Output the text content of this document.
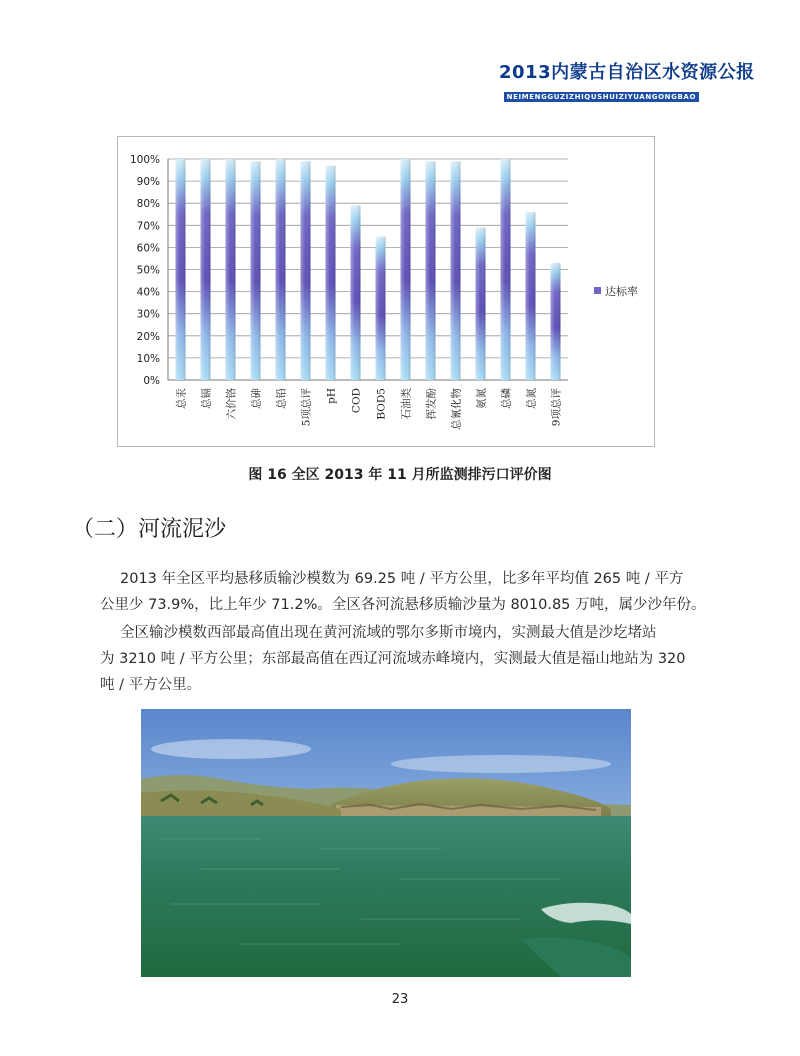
2013内蒙古自治区水资源公报
NEIMENGGUZIZHIQUSHUIZIYUANGONGBAO
0%
10%
20%
30%
40%
50%
60%
70%
80%
90%
100%
总汞 总镉 六价铬 总砷 总铅 5项总评 pH COD BOD5 石油类 挥发酚 总氰化物 氨氮 总磷 总氮 9项总评
达标率
图 16 全区 2013 年 11 月所监测排污口评价图
（二）河流泥沙
2013 年全区平均悬移质输沙模数为 69.25 吨 / 平方公里，比多年平均值 265 吨 / 平方
公里少 73.9%，比上年少 71.2%。全区各河流悬移质输沙量为 8010.85 万吨，属少沙年份。
全区输沙模数西部最高值出现在黄河流域的鄂尔多斯市境内，实测最大值是沙圪堵站
为 3210 吨 / 平方公里；东部最高值在西辽河流域赤峰境内，实测最大值是福山地站为 320
吨 / 平方公里。
23
